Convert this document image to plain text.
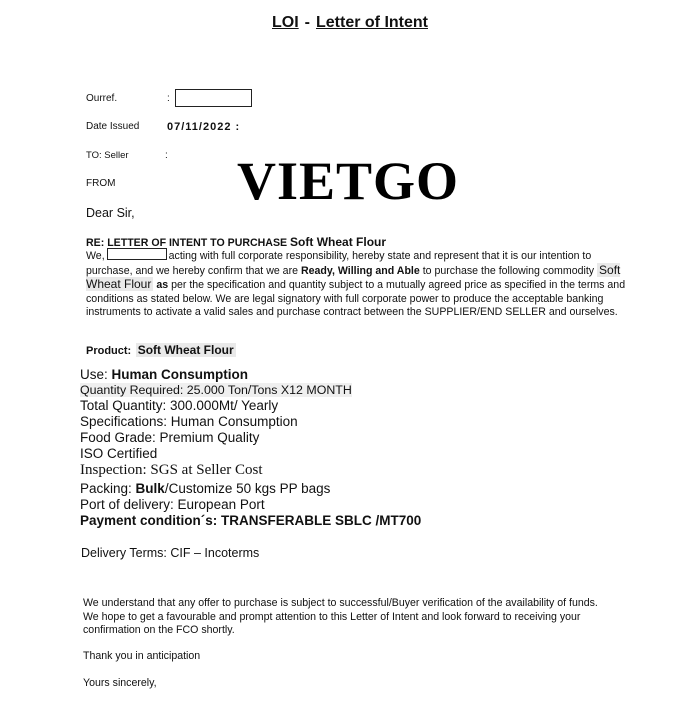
LOI - Letter of Intent
Ourref.	:
Date Issued	07/11/2022 :
TO: Seller	:
FROM VIETGO
Dear Sir,
RE: LETTER OF INTENT TO PURCHASE Soft Wheat Flour
We,	acting with full corporate responsibility, hereby state and represent that it is our intention to purchase, and we hereby confirm that we are Ready, Willing and Able to purchase the following commodity Soft Wheat Flour as per the specification and quantity subject to a mutually agreed price as specified in the terms and conditions as stated below. We are legal signatory with full corporate power to produce the acceptable banking instruments to activate a valid sales and purchase contract between the SUPPLIER/END SELLER and ourselves.
Product: Soft Wheat Flour
Use: Human Consumption
Quantity Required: 25.000 Ton/Tons X12 MONTH
Total Quantity: 300.000Mt/ Yearly
Specifications: Human Consumption
Food Grade: Premium Quality
ISO Certified
Inspection: SGS at Seller Cost
Packing: Bulk/Customize 50 kgs PP bags
Port of delivery: European Port
Payment condition´s: TRANSFERABLE SBLC /MT700
Delivery Terms: CIF – Incoterms
We understand that any offer to purchase is subject to successful/Buyer verification of the availability of funds. We hope to get a favourable and prompt attention to this Letter of Intent and look forward to receiving your confirmation on the FCO shortly.
Thank you in anticipation
Yours sincerely,
